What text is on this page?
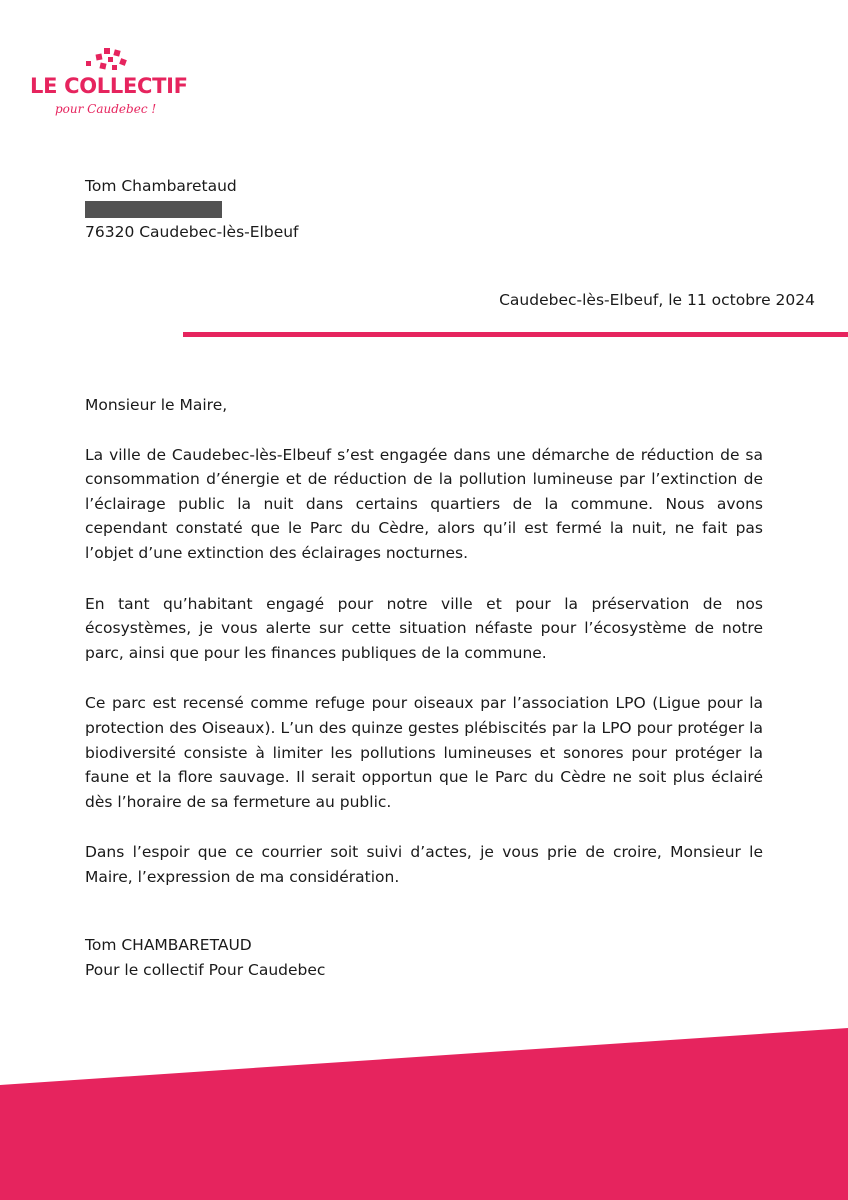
LE COLLECTIF
pour Caudebec !
Tom Chambaretaud
76320 Caudebec-lès-Elbeuf
Caudebec-lès-Elbeuf, le 11 octobre 2024

Monsieur le Maire,

La ville de Caudebec-lès-Elbeuf s’est engagée dans une démarche de réduction de sa consommation d’énergie et de réduction de la pollution lumineuse par l’extinction de l’éclairage public la nuit dans certains quartiers de la commune. Nous avons cependant constaté que le Parc du Cèdre, alors qu’il est fermé la nuit, ne fait pas l’objet d’une extinction des éclairages nocturnes.

En tant qu’habitant engagé pour notre ville et pour la préservation de nos écosystèmes, je vous alerte sur cette situation néfaste pour l’écosystème de notre parc, ainsi que pour les finances publiques de la commune.

Ce parc est recensé comme refuge pour oiseaux par l’association LPO (Ligue pour la protection des Oiseaux). L’un des quinze gestes plébiscités par la LPO pour protéger la biodiversité consiste à limiter les pollutions lumineuses et sonores pour protéger la faune et la flore sauvage. Il serait opportun que le Parc du Cèdre ne soit plus éclairé dès l’horaire de sa fermeture au public.

Dans l’espoir que ce courrier soit suivi d’actes, je vous prie de croire, Monsieur le Maire, l’expression de ma considération.

Tom CHAMBARETAUD
Pour le collectif Pour Caudebec
